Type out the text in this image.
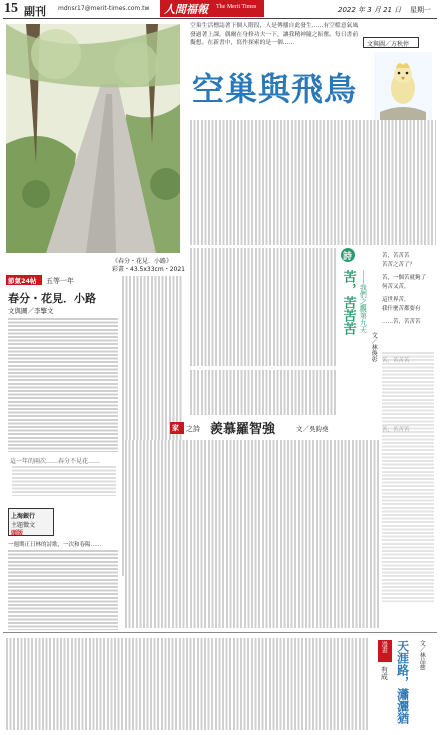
15 副刊 mdnsr17@merit-times.com.tw 人間福報 The Merit Times	2022 年 3 月 21 日 星期一
《春分・花見．小路》
彩畫・43.5x33cm・2021
節氣24帖 五等一年
春分・花見．小路
文與圖／李擎文
這一年的兩次……春分不見花……
上海銀行
主題徵文
頭版
一週期正日林的詩歌，一次和春陽……
空巢生活標誌著下個人階段，人是傳播自此發生……有空檔意氣風發過著上課，偶爾在身修功夫一下，讓我精神隨之振奮。每日書前擬想。在新書中，寫作探索的是一個……	文與圖／方秋停
空巢與飛鳥
詩
苦，苦苦苦 ——我們之觀第九天
文／林煥彰
苦，苦苦苦
苦苦之苦了？
苦，一個苦就夠了
何苦又苦，
這世界苦，
我什麼苦都要有
……苦，苦苦苦
家 之詩 羨慕羅智強	文／吳鈞堯
漫畫
有成 天涯路，瀟灑猶 文／林品慈
